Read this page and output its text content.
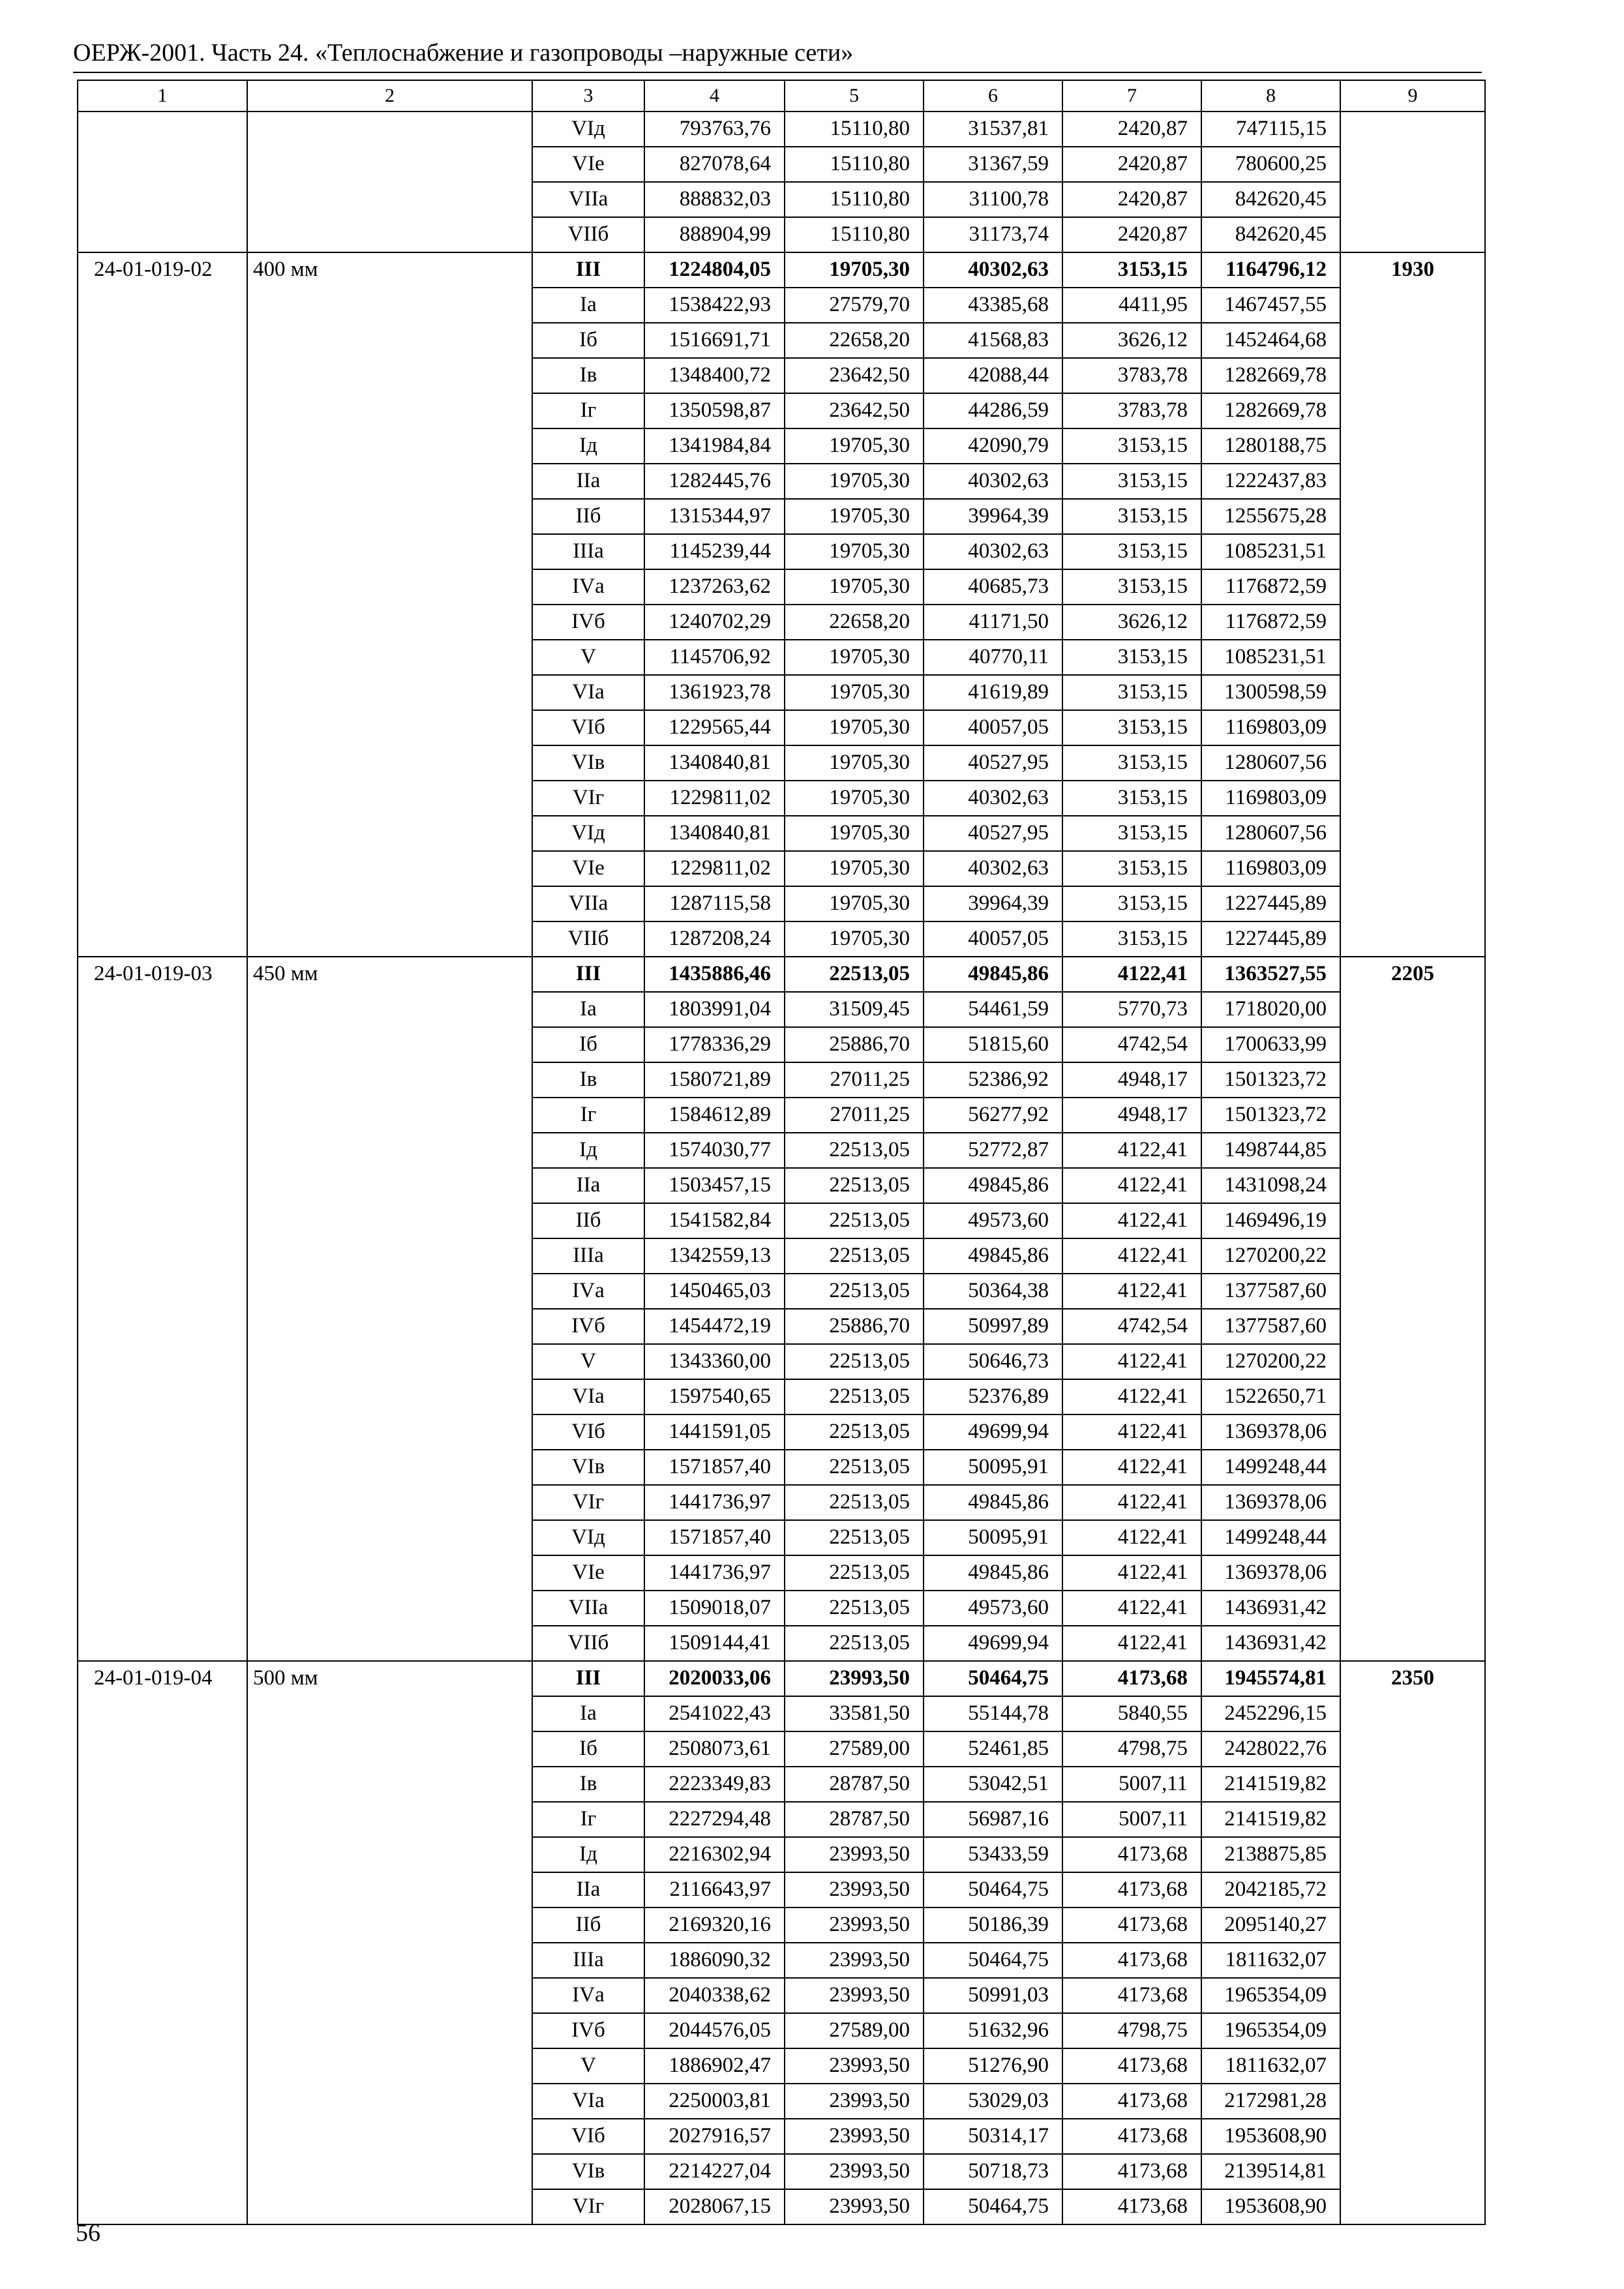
ОЕРЖ-2001. Часть 24. «Теплоснабжение и газопроводы –наружные сети»
1	2	3	4	5	6	7	8	9
		VIд	793763,76	15110,80	31537,81	2420,87	747115,15	
		VIе	827078,64	15110,80	31367,59	2420,87	780600,25	
		VIIа	888832,03	15110,80	31100,78	2420,87	842620,45	
		VIIб	888904,99	15110,80	31173,74	2420,87	842620,45	
24-01-019-02	400 мм	III	1224804,05	19705,30	40302,63	3153,15	1164796,12	1930
		Iа	1538422,93	27579,70	43385,68	4411,95	1467457,55	
		Iб	1516691,71	22658,20	41568,83	3626,12	1452464,68	
		Iв	1348400,72	23642,50	42088,44	3783,78	1282669,78	
		Iг	1350598,87	23642,50	44286,59	3783,78	1282669,78	
		Iд	1341984,84	19705,30	42090,79	3153,15	1280188,75	
		IIа	1282445,76	19705,30	40302,63	3153,15	1222437,83	
		IIб	1315344,97	19705,30	39964,39	3153,15	1255675,28	
		IIIа	1145239,44	19705,30	40302,63	3153,15	1085231,51	
		IVа	1237263,62	19705,30	40685,73	3153,15	1176872,59	
		IVб	1240702,29	22658,20	41171,50	3626,12	1176872,59	
		V	1145706,92	19705,30	40770,11	3153,15	1085231,51	
		VIа	1361923,78	19705,30	41619,89	3153,15	1300598,59	
		VIб	1229565,44	19705,30	40057,05	3153,15	1169803,09	
		VIв	1340840,81	19705,30	40527,95	3153,15	1280607,56	
		VIг	1229811,02	19705,30	40302,63	3153,15	1169803,09	
		VIд	1340840,81	19705,30	40527,95	3153,15	1280607,56	
		VIе	1229811,02	19705,30	40302,63	3153,15	1169803,09	
		VIIа	1287115,58	19705,30	39964,39	3153,15	1227445,89	
		VIIб	1287208,24	19705,30	40057,05	3153,15	1227445,89	
24-01-019-03	450 мм	III	1435886,46	22513,05	49845,86	4122,41	1363527,55	2205
		Iа	1803991,04	31509,45	54461,59	5770,73	1718020,00	
		Iб	1778336,29	25886,70	51815,60	4742,54	1700633,99	
		Iв	1580721,89	27011,25	52386,92	4948,17	1501323,72	
		Iг	1584612,89	27011,25	56277,92	4948,17	1501323,72	
		Iд	1574030,77	22513,05	52772,87	4122,41	1498744,85	
		IIа	1503457,15	22513,05	49845,86	4122,41	1431098,24	
		IIб	1541582,84	22513,05	49573,60	4122,41	1469496,19	
		IIIа	1342559,13	22513,05	49845,86	4122,41	1270200,22	
		IVа	1450465,03	22513,05	50364,38	4122,41	1377587,60	
		IVб	1454472,19	25886,70	50997,89	4742,54	1377587,60	
		V	1343360,00	22513,05	50646,73	4122,41	1270200,22	
		VIа	1597540,65	22513,05	52376,89	4122,41	1522650,71	
		VIб	1441591,05	22513,05	49699,94	4122,41	1369378,06	
		VIв	1571857,40	22513,05	50095,91	4122,41	1499248,44	
		VIг	1441736,97	22513,05	49845,86	4122,41	1369378,06	
		VIд	1571857,40	22513,05	50095,91	4122,41	1499248,44	
		VIе	1441736,97	22513,05	49845,86	4122,41	1369378,06	
		VIIа	1509018,07	22513,05	49573,60	4122,41	1436931,42	
		VIIб	1509144,41	22513,05	49699,94	4122,41	1436931,42	
24-01-019-04	500 мм	III	2020033,06	23993,50	50464,75	4173,68	1945574,81	2350
		Iа	2541022,43	33581,50	55144,78	5840,55	2452296,15	
		Iб	2508073,61	27589,00	52461,85	4798,75	2428022,76	
		Iв	2223349,83	28787,50	53042,51	5007,11	2141519,82	
		Iг	2227294,48	28787,50	56987,16	5007,11	2141519,82	
		Iд	2216302,94	23993,50	53433,59	4173,68	2138875,85	
		IIа	2116643,97	23993,50	50464,75	4173,68	2042185,72	
		IIб	2169320,16	23993,50	50186,39	4173,68	2095140,27	
		IIIа	1886090,32	23993,50	50464,75	4173,68	1811632,07	
		IVа	2040338,62	23993,50	50991,03	4173,68	1965354,09	
		IVб	2044576,05	27589,00	51632,96	4798,75	1965354,09	
		V	1886902,47	23993,50	51276,90	4173,68	1811632,07	
		VIа	2250003,81	23993,50	53029,03	4173,68	2172981,28	
		VIб	2027916,57	23993,50	50314,17	4173,68	1953608,90	
		VIв	2214227,04	23993,50	50718,73	4173,68	2139514,81	
		VIг	2028067,15	23993,50	50464,75	4173,68	1953608,90	
56
